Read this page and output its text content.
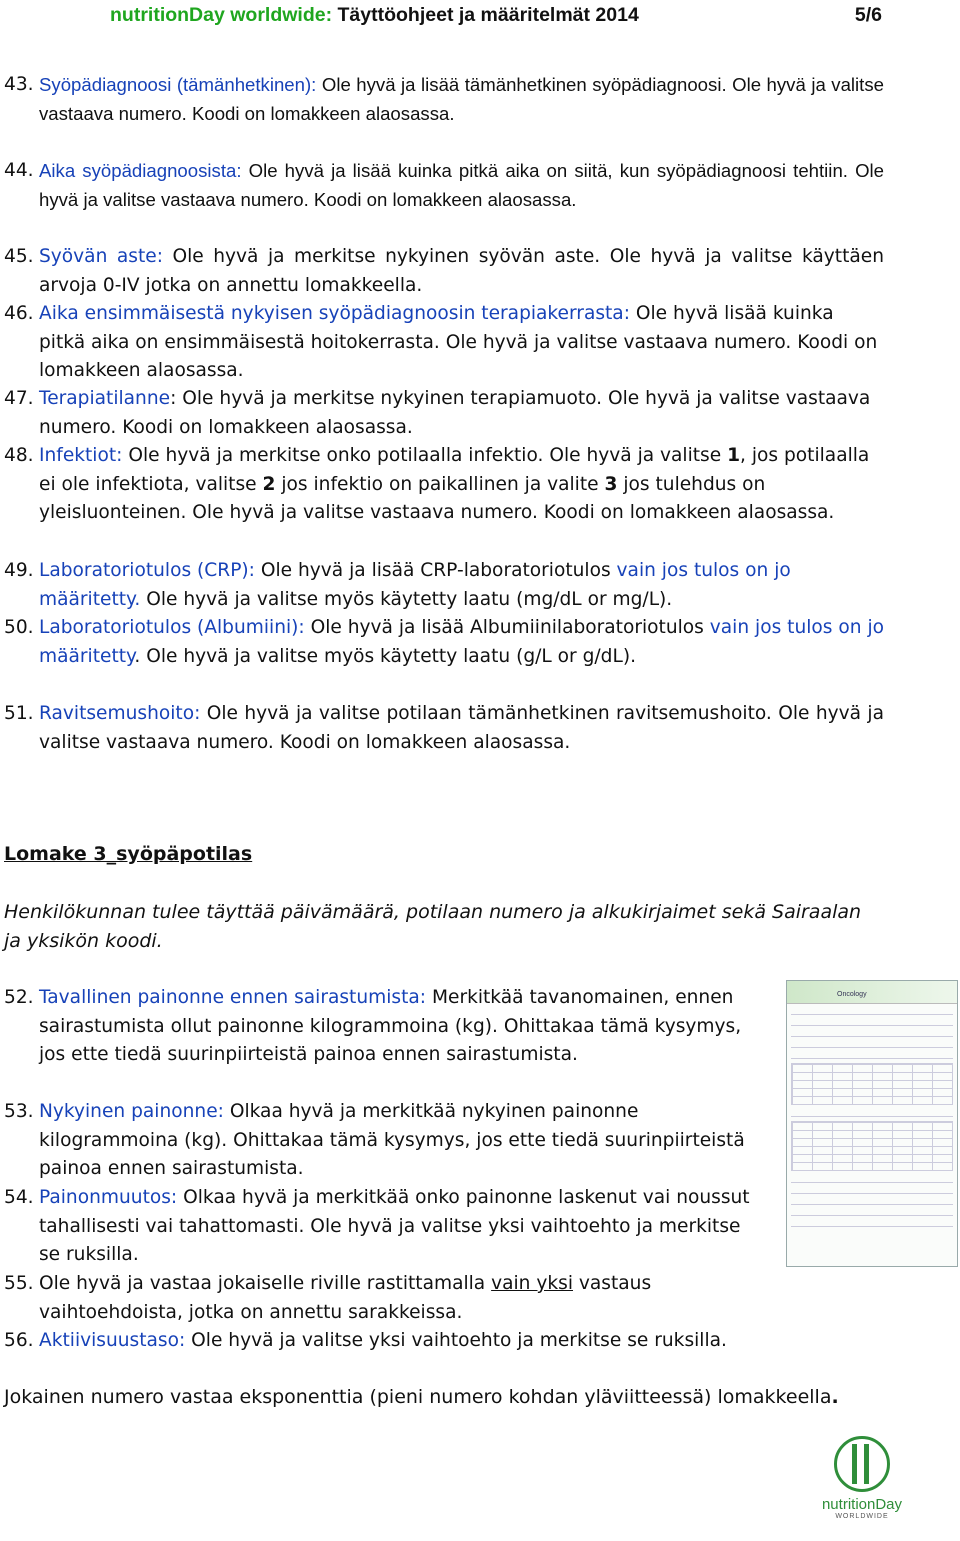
nutritionDay worldwide: Täyttöohjeet ja määritelmät 2014	5/6
43. Syöpädiagnoosi (tämänhetkinen): Ole hyvä ja lisää tämänhetkinen syöpädiagnoosi. Ole hyvä ja valitse vastaava numero. Koodi on lomakkeen alaosassa.
44. Aika syöpädiagnoosista: Ole hyvä ja lisää kuinka pitkä aika on siitä, kun syöpädiagnoosi tehtiin. Ole hyvä ja valitse vastaava numero. Koodi on lomakkeen alaosassa.
45. Syövän aste: Ole hyvä ja merkitse nykyinen syövän aste. Ole hyvä ja valitse käyttäen arvoja 0-IV jotka on annettu lomakkeella.
46. Aika ensimmäisestä nykyisen syöpädiagnoosin terapiakerrasta: Ole hyvä lisää kuinka pitkä aika on ensimmäisestä hoitokerrasta. Ole hyvä ja valitse vastaava numero. Koodi on lomakkeen alaosassa.
47. Terapiatilanne: Ole hyvä ja merkitse nykyinen terapiamuoto. Ole hyvä ja valitse vastaava numero. Koodi on lomakkeen alaosassa.
48. Infektiot: Ole hyvä ja merkitse onko potilaalla infektio. Ole hyvä ja valitse 1, jos potilaalla ei ole infektiota, valitse 2 jos infektio on paikallinen ja valite 3 jos tulehdus on yleisluonteinen. Ole hyvä ja valitse vastaava numero. Koodi on lomakkeen alaosassa.
49. Laboratoriotulos (CRP): Ole hyvä ja lisää CRP-laboratoriotulos vain jos tulos on jo määritetty. Ole hyvä ja valitse myös käytetty laatu (mg/dL or mg/L).
50. Laboratoriotulos (Albumiini): Ole hyvä ja lisää Albumiinilaboratoriotulos vain jos tulos on jo määritetty. Ole hyvä ja valitse myös käytetty laatu (g/L or g/dL).
51. Ravitsemushoito: Ole hyvä ja valitse potilaan tämänhetkinen ravitsemushoito. Ole hyvä ja valitse vastaava numero. Koodi on lomakkeen alaosassa.
Lomake 3_syöpäpotilas
Henkilökunnan tulee täyttää päivämäärä, potilaan numero ja alkukirjaimet sekä Sairaalan ja yksikön koodi.
52. Tavallinen painonne ennen sairastumista: Merkitkää tavanomainen, ennen sairastumista ollut painonne kilogrammoina (kg). Ohittakaa tämä kysymys, jos ette tiedä suurinpiirteistä painoa ennen sairastumista.
53. Nykyinen painonne: Olkaa hyvä ja merkitkää nykyinen painonne kilogrammoina (kg). Ohittakaa tämä kysymys, jos ette tiedä suurinpiirteistä painoa ennen sairastumista.
54. Painonmuutos: Olkaa hyvä ja merkitkää onko painonne laskenut vai noussut tahallisesti vai tahattomasti. Ole hyvä ja valitse yksi vaihtoehto ja merkitse se ruksilla.
55. Ole hyvä ja vastaa jokaiselle riville rastittamalla vain yksi vastaus vaihtoehdoista, jotka on annettu sarakkeissa.
56. Aktiivisuustaso: Ole hyvä ja valitse yksi vaihtoehto ja merkitse se ruksilla.
Jokainen numero vastaa eksponenttia (pieni numero kohdan yläviitteessä) lomakkeella.
Oncology
nutritionDay
WORLDWIDE
